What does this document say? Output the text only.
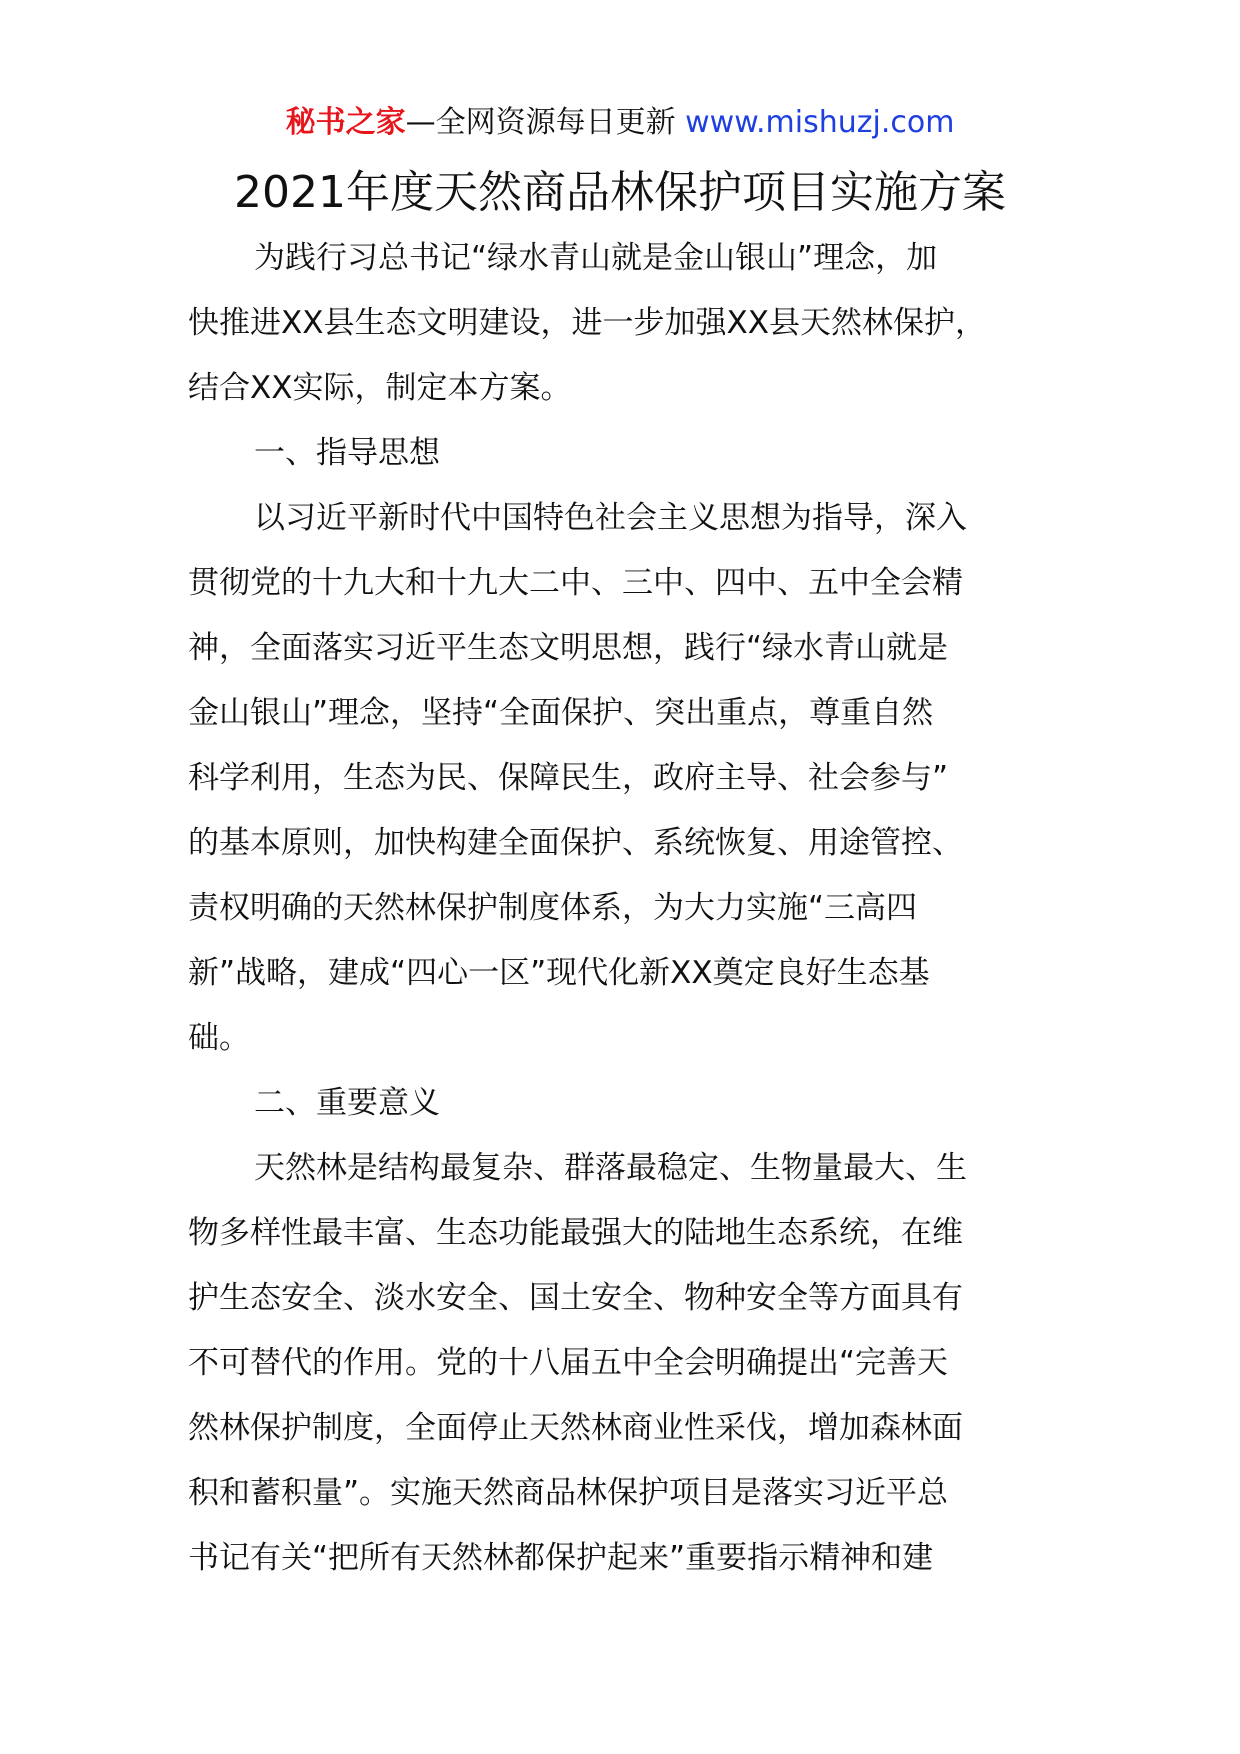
秘书之家—全网资源每日更新 www.mishuzj.com
2021年度天然商品林保护项目实施方案
为践行习总书记“绿水青山就是金山银山”理念，加
快推进XX县生态文明建设，进一步加强XX县天然林保护，
结合XX实际，制定本方案。
一、指导思想
以习近平新时代中国特色社会主义思想为指导，深入
贯彻党的十九大和十九大二中、三中、四中、五中全会精
神，全面落实习近平生态文明思想，践行“绿水青山就是
金山银山”理念，坚持“全面保护、突出重点，尊重自然
科学利用，生态为民、保障民生，政府主导、社会参与”
的基本原则，加快构建全面保护、系统恢复、用途管控、
责权明确的天然林保护制度体系，为大力实施“三高四
新”战略，建成“四心一区”现代化新XX奠定良好生态基
础。
二、重要意义
天然林是结构最复杂、群落最稳定、生物量最大、生
物多样性最丰富、生态功能最强大的陆地生态系统，在维
护生态安全、淡水安全、国土安全、物种安全等方面具有
不可替代的作用。党的十八届五中全会明确提出“完善天
然林保护制度，全面停止天然林商业性采伐，增加森林面
积和蓄积量”。实施天然商品林保护项目是落实习近平总
书记有关“把所有天然林都保护起来”重要指示精神和建
